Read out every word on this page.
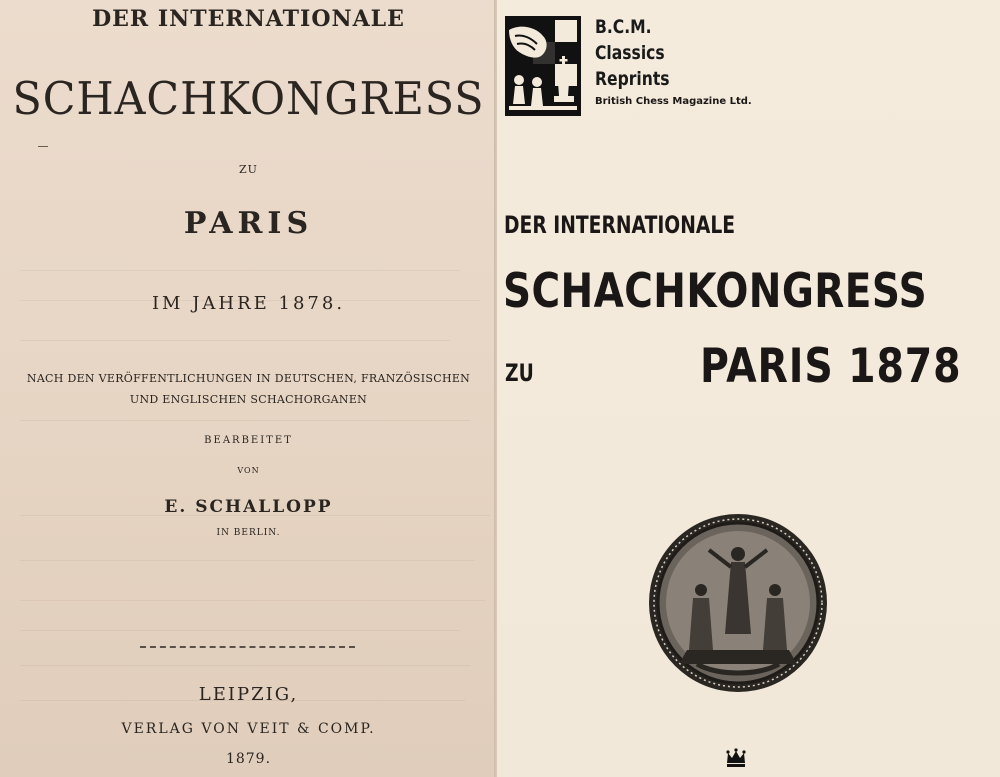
DER INTERNATIONALE
SCHACHKONGRESS
ZU
PARIS
IM JAHRE 1878.
NACH DEN VERÖFFENTLICHUNGEN IN DEUTSCHEN, FRANZÖSISCHEN
UND ENGLISCHEN SCHACHORGANEN
BEARBEITET
VON
E. SCHALLOPP
IN BERLIN.
LEIPZIG,
VERLAG VON VEIT & COMP.
1879.
B.C.M.
Classics
Reprints
British Chess Magazine Ltd.
DER INTERNATIONALE
SCHACHKONGRESS
ZU	PARIS 1878
